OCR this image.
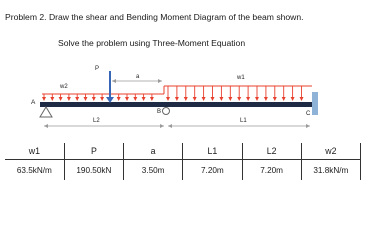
Problem 2. Draw the shear and Bending Moment Diagram of the beam shown.
Solve the problem using Three-Moment Equation
P
a	w1
w2
A
B	C
L2	L1
w1	P	a	L1	L2	w2
63.5kN/m	190.50kN	3.50m	7.20m	7.20m	31.8kN/m
